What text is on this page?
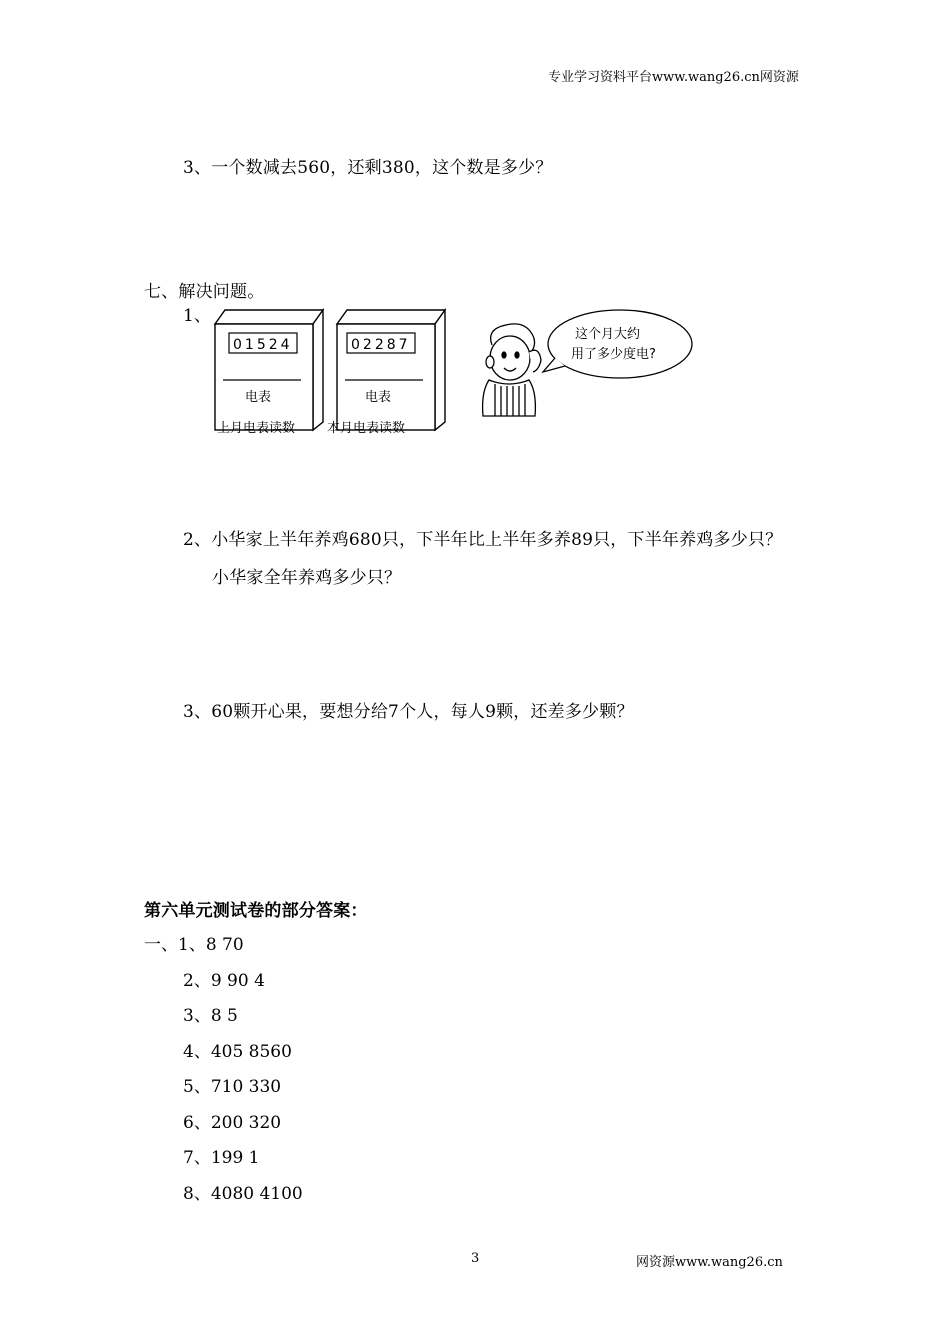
专业学习资料平台www.wang26.cn网资源
3、一个数减去560，还剩380，这个数是多少？
七、解决问题。
1、
01524
电表
02287
电表
上月电表读数 本月电表读数
这个月大约
用了多少度电?
2、小华家上半年养鸡680只，下半年比上半年多养89只，下半年养鸡多少只？
小华家全年养鸡多少只？
3、60颗开心果，要想分给7个人，每人9颗，还差多少颗？
第六单元测试卷的部分答案：
一、1、8 70
2、9 90 4
3、8 5
4、405 8560
5、710 330
6、200 320
7、199 1
8、4080 4100
3	网资源www.wang26.cn
